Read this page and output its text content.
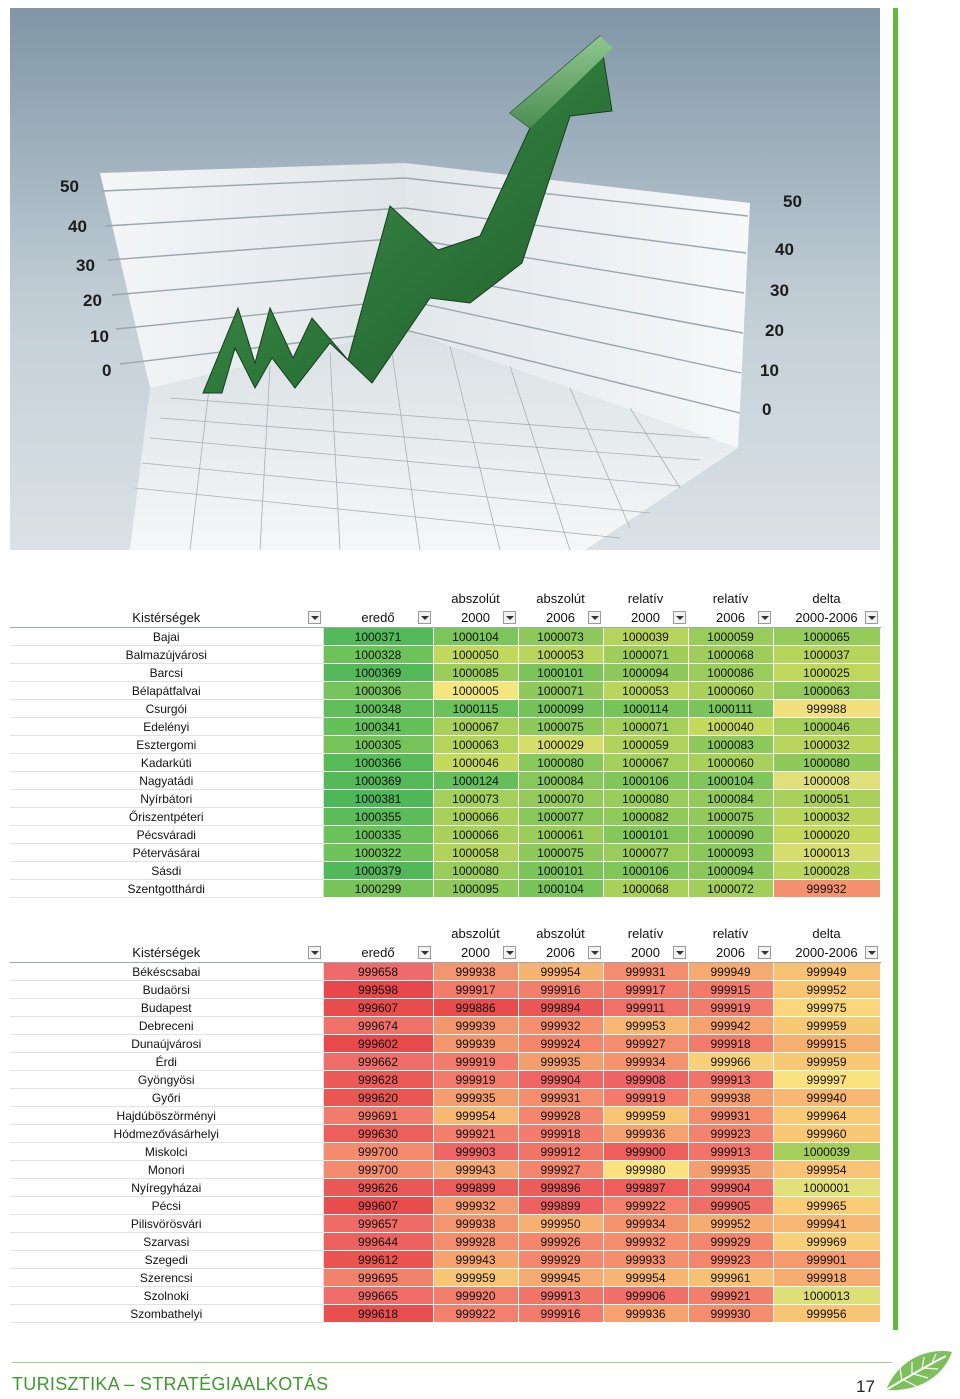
50
40
30
20
10
0
50
40
30
20
10
0
		abszolút	abszolút	relatív	relatív	delta
Kistérségek	eredő	2000	2006	2000	2006	2000-2006

Bajai	1000371	1000104	1000073	1000039	1000059	1000065
Balmazújvárosi	1000328	1000050	1000053	1000071	1000068	1000037
Barcsi	1000369	1000085	1000101	1000094	1000086	1000025
Bélapátfalvai	1000306	1000005	1000071	1000053	1000060	1000063
Csurgói	1000348	1000115	1000099	1000114	1000111	999988
Edelényi	1000341	1000067	1000075	1000071	1000040	1000046
Esztergomi	1000305	1000063	1000029	1000059	1000083	1000032
Kadarkúti	1000366	1000046	1000080	1000067	1000060	1000080
Nagyatádi	1000369	1000124	1000084	1000106	1000104	1000008
Nyírbátori	1000381	1000073	1000070	1000080	1000084	1000051
Őriszentpéteri	1000355	1000066	1000077	1000082	1000075	1000032
Pécsváradi	1000335	1000066	1000061	1000101	1000090	1000020
Pétervásárai	1000322	1000058	1000075	1000077	1000093	1000013
Sásdi	1000379	1000080	1000101	1000106	1000094	1000028
Szentgotthárdi	1000299	1000095	1000104	1000068	1000072	999932
		abszolút	abszolút	relatív	relatív	delta
Kistérségek	eredő	2000	2006	2000	2006	2000-2006

Békéscsabai	999658	999938	999954	999931	999949	999949
Budaörsi	999598	999917	999916	999917	999915	999952
Budapest	999607	999886	999894	999911	999919	999975
Debreceni	999674	999939	999932	999953	999942	999959
Dunaújvárosi	999602	999939	999924	999927	999918	999915
Érdi	999662	999919	999935	999934	999966	999959
Gyöngyösi	999628	999919	999904	999908	999913	999997
Győri	999620	999935	999931	999919	999938	999940
Hajdúböszörményi	999691	999954	999928	999959	999931	999964
Hódmezővásárhelyi	999630	999921	999918	999936	999923	999960
Miskolci	999700	999903	999912	999900	999913	1000039
Monori	999700	999943	999927	999980	999935	999954
Nyíregyházai	999626	999899	999896	999897	999904	1000001
Pécsi	999607	999932	999899	999922	999905	999965
Pilisvörösvári	999657	999938	999950	999934	999952	999941
Szarvasi	999644	999928	999926	999932	999929	999969
Szegedi	999612	999943	999929	999933	999923	999901
Szerencsi	999695	999959	999945	999954	999961	999918
Szolnoki	999665	999920	999913	999906	999921	1000013
Szombathelyi	999618	999922	999916	999936	999930	999956
TURISZTIKA – STRATÉGIAALKOTÁS	17
